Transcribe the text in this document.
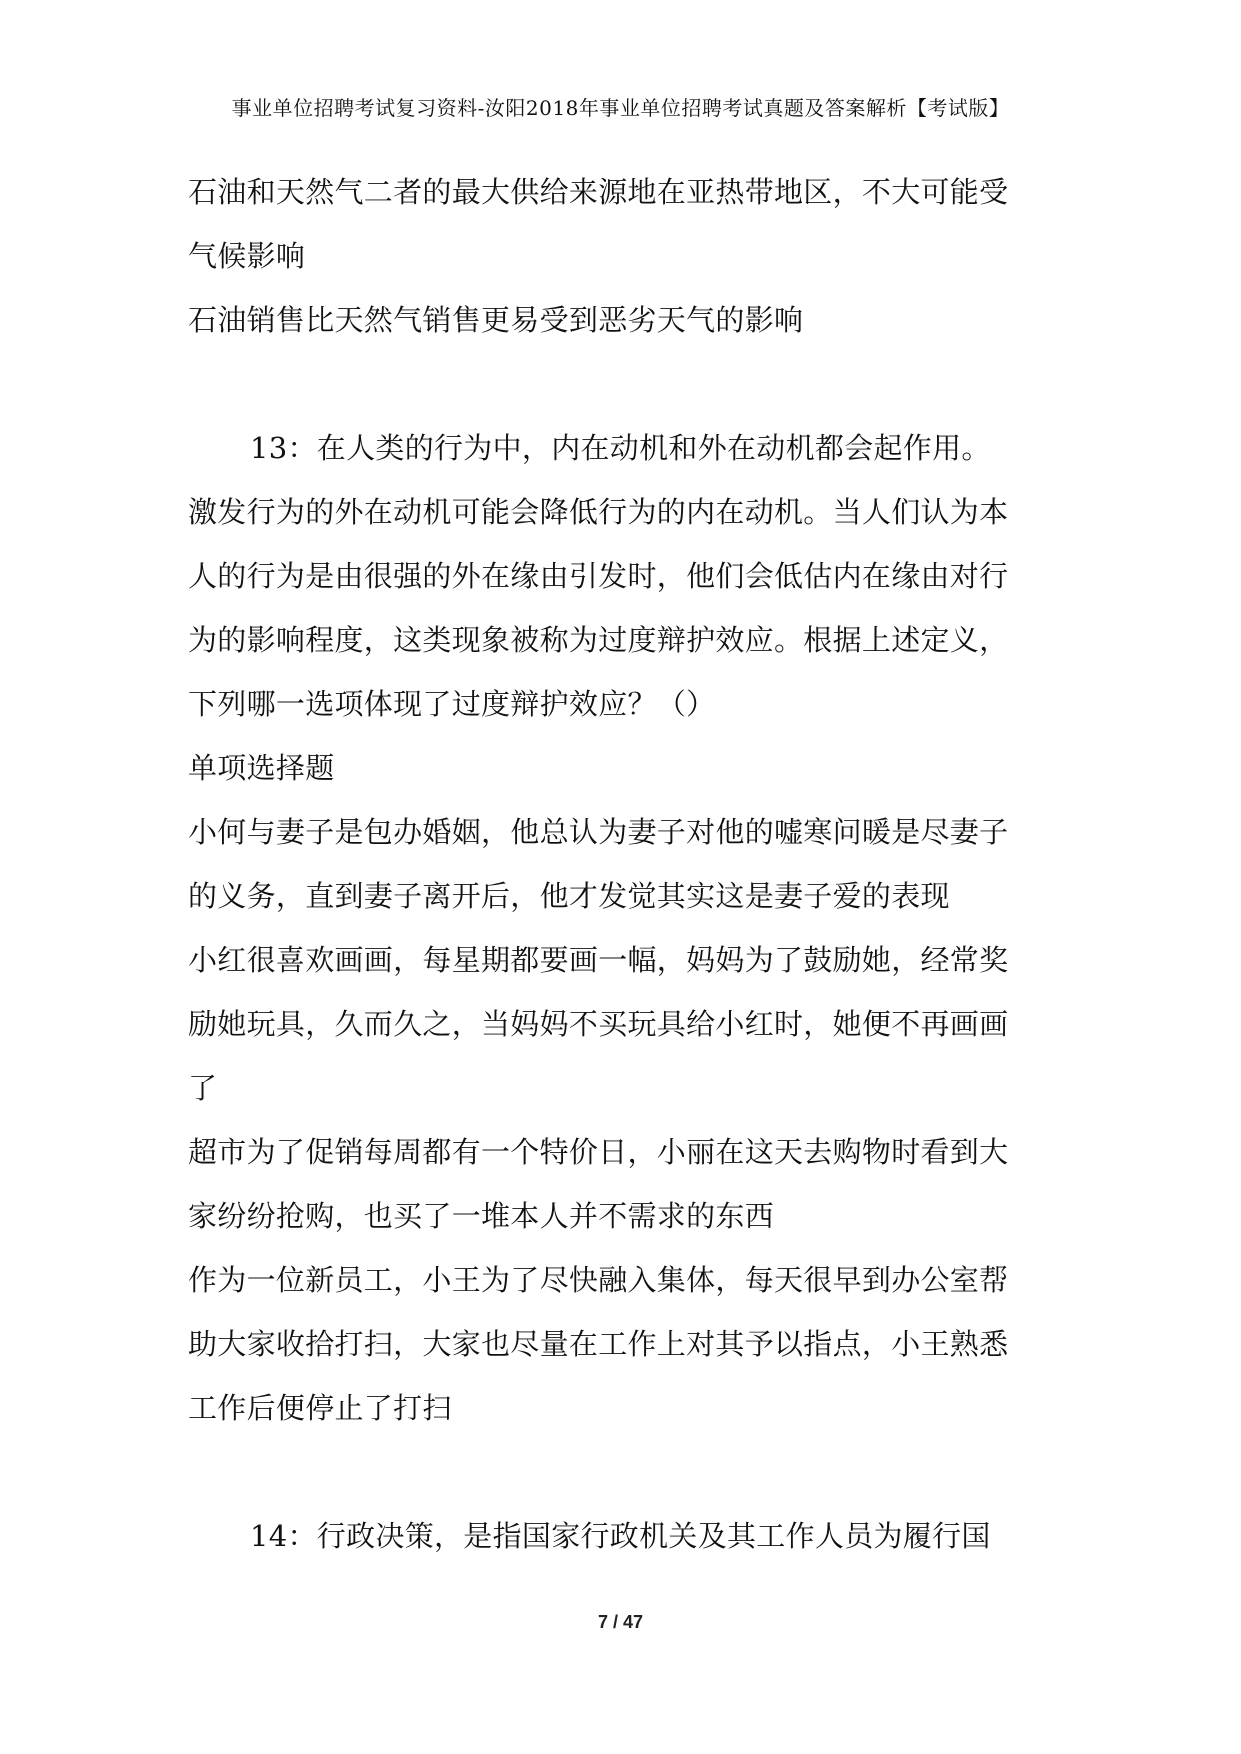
事业单位招聘考试复习资料-汝阳2018年事业单位招聘考试真题及答案解析【考试版】
石油和天然气二者的最大供给来源地在亚热带地区，不大可能受
气候影响
石油销售比天然气销售更易受到恶劣天气的影响
13：在人类的行为中，内在动机和外在动机都会起作用。
激发行为的外在动机可能会降低行为的内在动机。当人们认为本
人的行为是由很强的外在缘由引发时，他们会低估内在缘由对行
为的影响程度，这类现象被称为过度辩护效应。根据上述定义，
下列哪一选项体现了过度辩护效应？（）
单项选择题
小何与妻子是包办婚姻，他总认为妻子对他的嘘寒问暖是尽妻子
的义务，直到妻子离开后，他才发觉其实这是妻子爱的表现
小红很喜欢画画，每星期都要画一幅，妈妈为了鼓励她，经常奖
励她玩具，久而久之，当妈妈不买玩具给小红时，她便不再画画
了
超市为了促销每周都有一个特价日，小丽在这天去购物时看到大
家纷纷抢购，也买了一堆本人并不需求的东西
作为一位新员工，小王为了尽快融入集体，每天很早到办公室帮
助大家收拾打扫，大家也尽量在工作上对其予以指点，小王熟悉
工作后便停止了打扫
14：行政决策，是指国家行政机关及其工作人员为履行国
7 / 47
